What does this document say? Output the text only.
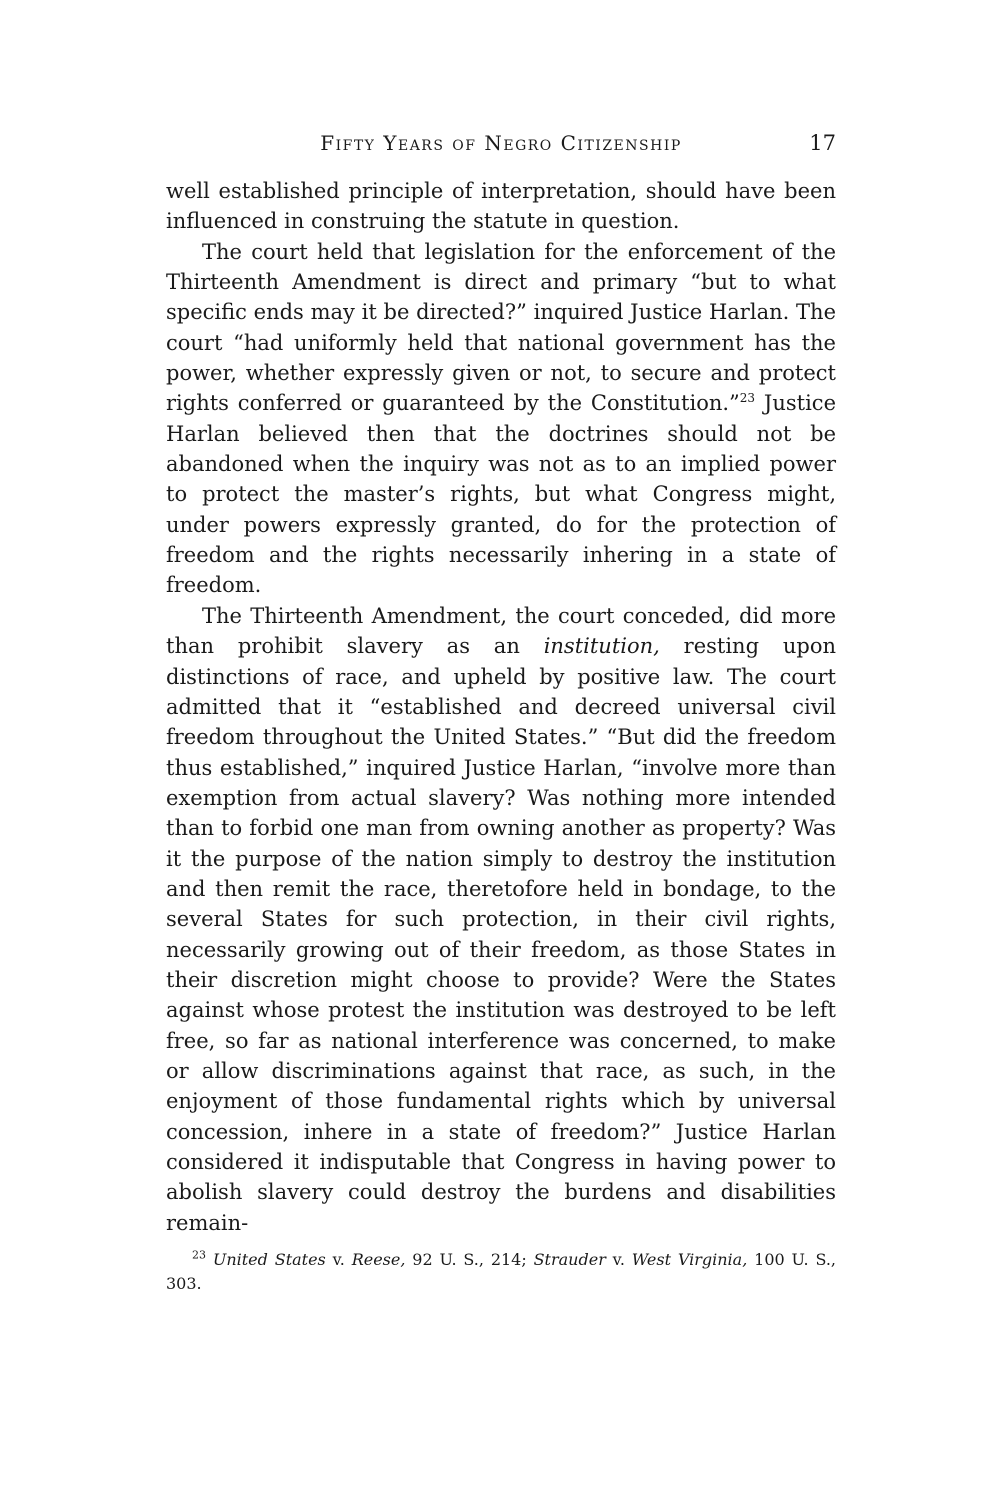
Fifty Years of Negro Citizenship	17

well established principle of interpretation, should have been influenced in construing the statute in question.

The court held that legislation for the enforcement of the Thirteenth Amendment is direct and primary “but to what specific ends may it be directed?” inquired Justice Harlan. The court “had uniformly held that national government has the power, whether expressly given or not, to secure and protect rights conferred or guaranteed by the Constitution.”$^{23}$ Justice Harlan believed then that the doctrines should not be abandoned when the inquiry was not as to an implied power to protect the master’s rights, but what Congress might, under powers expressly granted, do for the protection of freedom and the rights necessarily inhering in a state of freedom.

The Thirteenth Amendment, the court conceded, did more than prohibit slavery as an institution, resting upon distinctions of race, and upheld by positive law. The court admitted that it “established and decreed universal civil freedom throughout the United States.” “But did the freedom thus established,” inquired Justice Harlan, “involve more than exemption from actual slavery? Was nothing more intended than to forbid one man from owning another as property? Was it the purpose of the nation simply to destroy the institution and then remit the race, theretofore held in bondage, to the several States for such protection, in their civil rights, necessarily growing out of their freedom, as those States in their discretion might choose to provide? Were the States against whose protest the institution was destroyed to be left free, so far as national interference was concerned, to make or allow discriminations against that race, as such, in the enjoyment of those fundamental rights which by universal concession, inhere in a state of freedom?” Justice Harlan considered it indisputable that Congress in having power to abolish slavery could destroy the burdens and disabilities remain-

$^{23}$ United States v. Reese, 92 U. S., 214; Strauder v. West Virginia, 100 U. S., 303.
